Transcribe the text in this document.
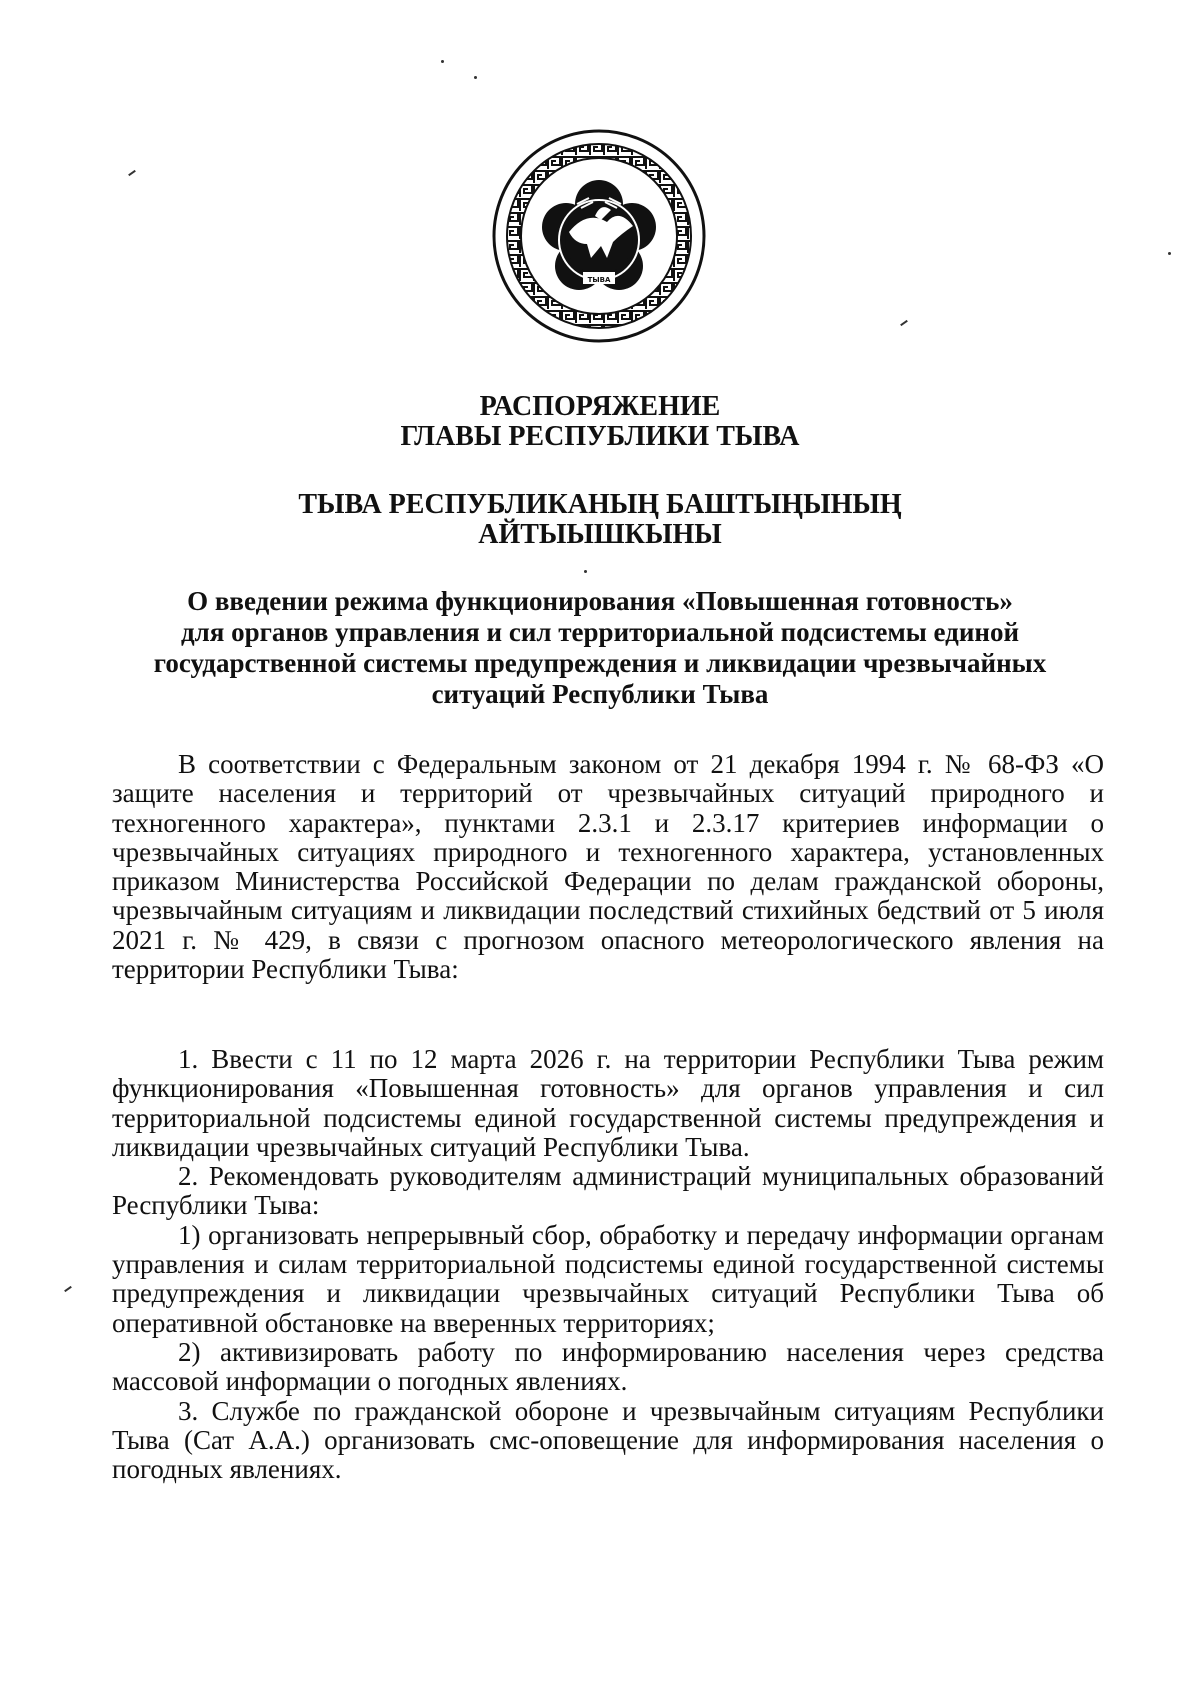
ТЫВА
РАСПОРЯЖЕНИЕ
ГЛАВЫ РЕСПУБЛИКИ ТЫВА
ТЫВА РЕСПУБЛИКАНЫҢ БАШТЫҢЫНЫҢ
АЙТЫЫШКЫНЫ
О введении режима функционирования «Повышенная готовность»
для органов управления и сил территориальной подсистемы единой
государственной системы предупреждения и ликвидации чрезвычайных
ситуаций Республики Тыва

В соответствии с Федеральным законом от 21 декабря 1994 г. № 68-ФЗ «О защите населения и территорий от чрезвычайных ситуаций природного и техногенного характера», пунктами 2.3.1 и 2.3.17 критериев информации о чрезвычайных ситуациях природного и техногенного характера, установленных приказом Министерства Российской Федерации по делам гражданской обороны, чрезвычайным ситуациям и ликвидации последствий стихийных бедствий от 5 июля 2021 г. № 429, в связи с прогнозом опасного метеорологического явления на территории Республики Тыва:

1. Ввести с 11 по 12 марта 2026 г. на территории Республики Тыва режим функционирования «Повышенная готовность» для органов управления и сил территориальной подсистемы единой государственной системы предупреждения и ликвидации чрезвычайных ситуаций Республики Тыва.

2. Рекомендовать руководителям администраций муниципальных образований Республики Тыва:

1) организовать непрерывный сбор, обработку и передачу информации органам управления и силам территориальной подсистемы единой государственной системы предупреждения и ликвидации чрезвычайных ситуаций Республики Тыва об оперативной обстановке на вверенных территориях;

2) активизировать работу по информированию населения через средства массовой информации о погодных явлениях.

3. Службе по гражданской обороне и чрезвычайным ситуациям Республики Тыва (Сат А.А.) организовать смс-оповещение для информирования населения о погодных явлениях.
